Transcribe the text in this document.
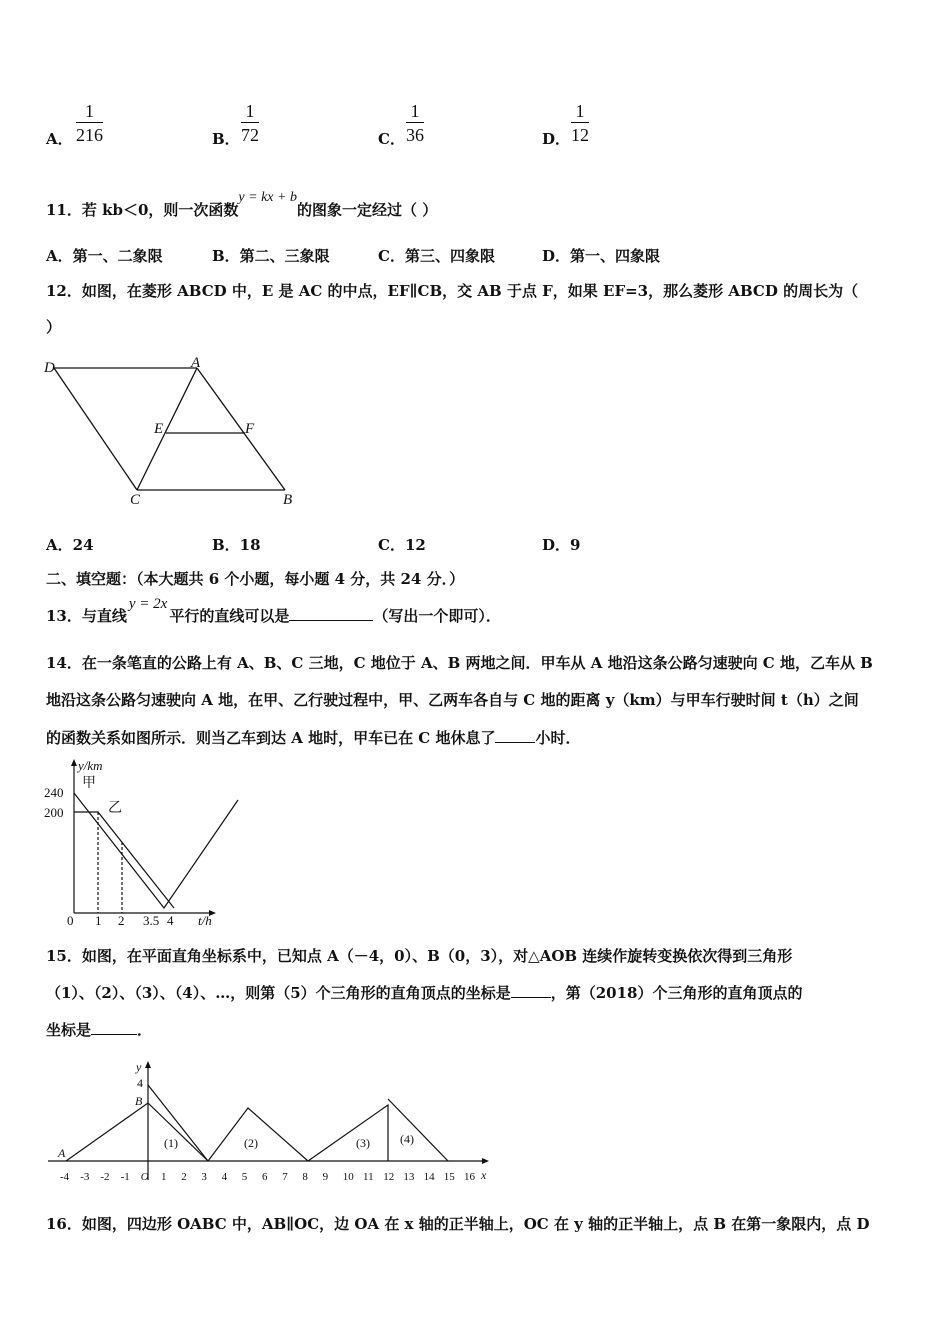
A． $\frac{1}{216}$	B． $\frac{1}{72}$	C． $\frac{1}{36}$	D． $\frac{1}{12}$
11．若 kb＜0，则一次函数y = kx + b的图象一定经过（ ）
A．第一、二象限	B．第二、三象限	C．第三、四象限	D．第一、四象限
12．如图，在菱形 ABCD 中，E 是 AC 的中点，EF∥CB，交 AB 于点 F，如果 EF=3，那么菱形 ABCD 的周长为（
）
D	A
E	F
C	B
A．24	B．18	C．12	D．9
二、填空题：（本大题共 6 个小题，每小题 4 分，共 24 分．）
13．与直线y = 2x平行的直线可以是	（写出一个即可）．
14．在一条笔直的公路上有 A、B、C 三地，C 地位于 A、B 两地之间．甲车从 A 地沿这条公路匀速驶向 C 地，乙车从 B
地沿这条公路匀速驶向 A 地，在甲、乙行驶过程中，甲、乙两车各自与 C 地的距离 y（km）与甲车行驶时间 t（h）之间
的函数关系如图所示．则当乙车到达 A 地时，甲车已在 C 地休息了	小时．
y/km
t/h
240
200
甲
乙
0 1 2 3.5 4
15．如图，在平面直角坐标系中，已知点 A（－4，0）、B（0，3），对△AOB 连续作旋转变换依次得到三角形
（1）、（2）、（3）、（4）、…，则第（5）个三角形的直角顶点的坐标是	，第（2018）个三角形的直角顶点的
坐标是	．
y
x
4
B
A
(1)	(2)	(3)	(4)
-4 -3 -2 -1 O 1 2 3 4 5 6 7 8 9 10 11 12 13 14 15 16
16．如图，四边形 OABC 中，AB∥OC，边 OA 在 x 轴的正半轴上，OC 在 y 轴的正半轴上，点 B 在第一象限内，点 D
